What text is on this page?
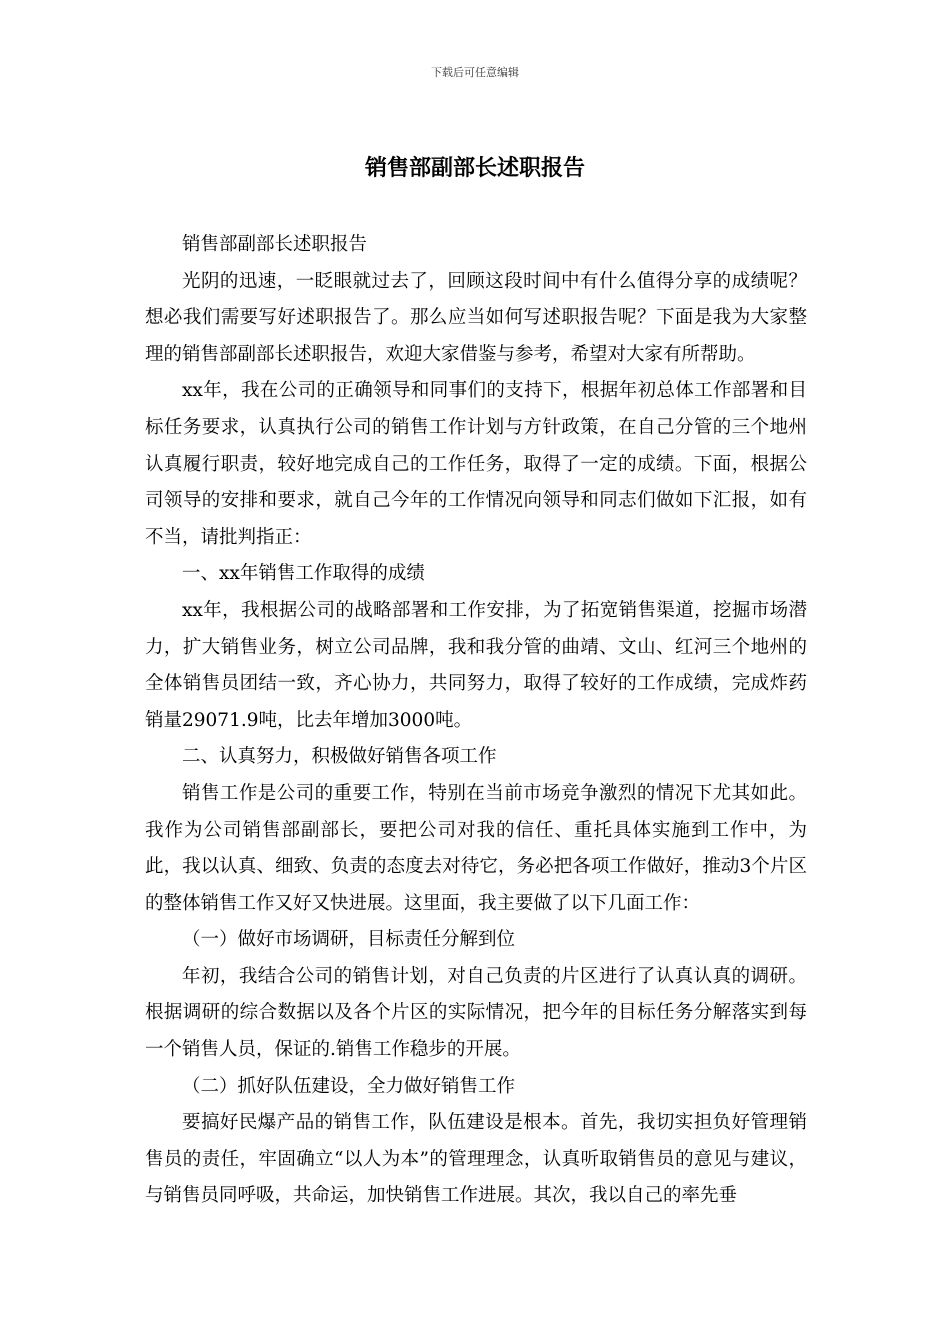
下载后可任意编辑
销售部副部长述职报告

销售部副部长述职报告

光阴的迅速，一眨眼就过去了，回顾这段时间中有什么值得分享的成绩呢？想必我们需要写好述职报告了。那么应当如何写述职报告呢？下面是我为大家整理的销售部副部长述职报告，欢迎大家借鉴与参考，希望对大家有所帮助。

xx年，我在公司的正确领导和同事们的支持下，根据年初总体工作部署和目标任务要求，认真执行公司的销售工作计划与方针政策，在自己分管的三个地州认真履行职责，较好地完成自己的工作任务，取得了一定的成绩。下面，根据公司领导的安排和要求，就自己今年的工作情况向领导和同志们做如下汇报，如有不当，请批判指正：

一、xx年销售工作取得的成绩

xx年，我根据公司的战略部署和工作安排，为了拓宽销售渠道，挖掘市场潜力，扩大销售业务，树立公司品牌，我和我分管的曲靖、文山、红河三个地州的全体销售员团结一致，齐心协力，共同努力，取得了较好的工作成绩，完成炸药销量29071.9吨，比去年增加3000吨。

二、认真努力，积极做好销售各项工作

销售工作是公司的重要工作，特别在当前市场竞争激烈的情况下尤其如此。我作为公司销售部副部长，要把公司对我的信任、重托具体实施到工作中，为此，我以认真、细致、负责的态度去对待它，务必把各项工作做好，推动3个片区的整体销售工作又好又快进展。这里面，我主要做了以下几面工作：

（一）做好市场调研，目标责任分解到位

年初，我结合公司的销售计划，对自己负责的片区进行了认真认真的调研。根据调研的综合数据以及各个片区的实际情况，把今年的目标任务分解落实到每一个销售人员，保证的.销售工作稳步的开展。

（二）抓好队伍建设，全力做好销售工作

要搞好民爆产品的销售工作，队伍建设是根本。首先，我切实担负好管理销售员的责任，牢固确立“以人为本”的管理理念，认真听取销售员的意见与建议，与销售员同呼吸，共命运，加快销售工作进展。其次，我以自己的率先垂
